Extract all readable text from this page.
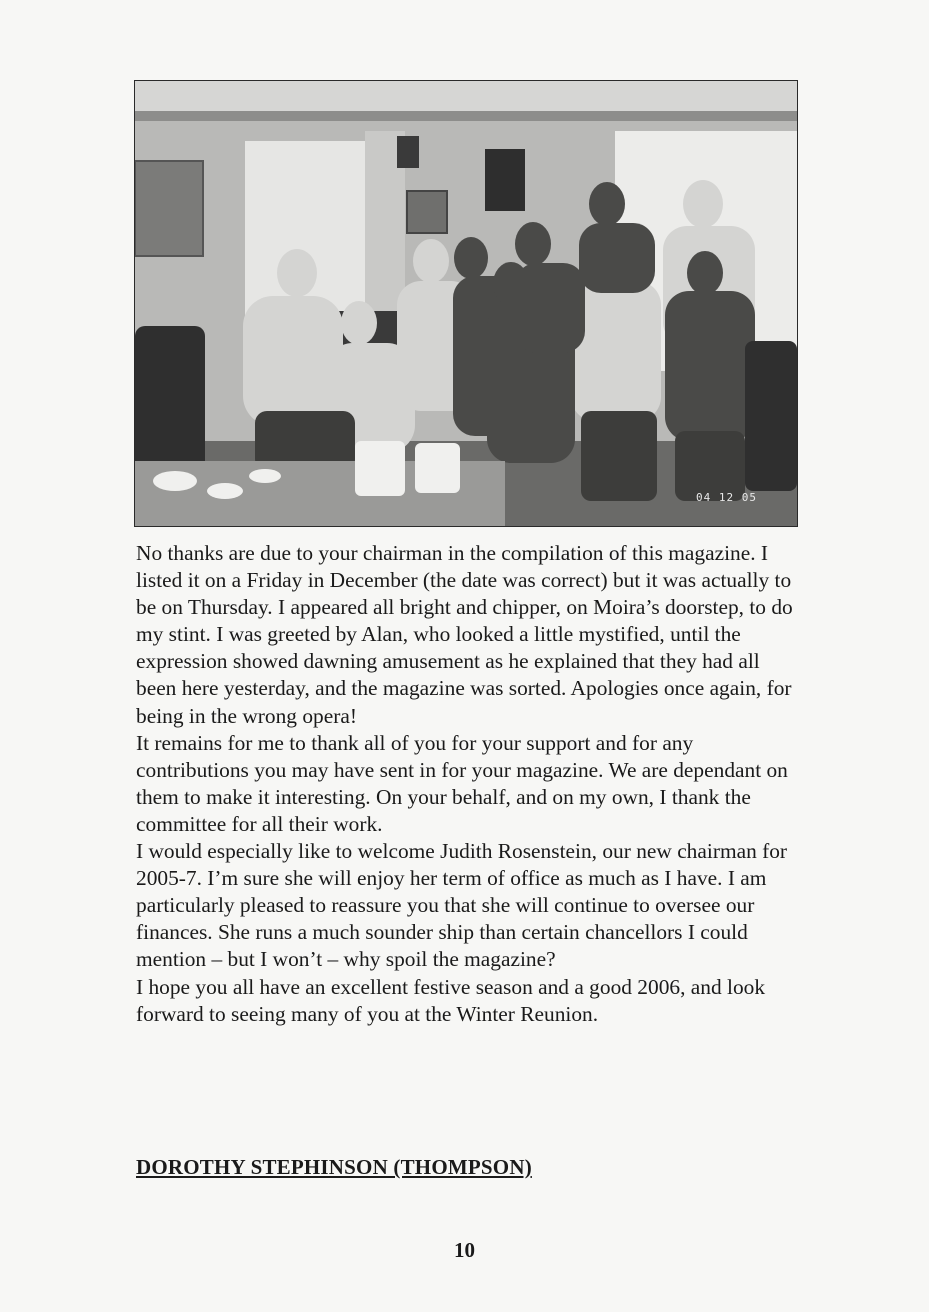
04 12 05

No thanks are due to your chairman in the compilation of this magazine. I listed it on a Friday in December (the date was correct) but it was actually to be on Thursday. I appeared all bright and chipper, on Moira’s doorstep, to do my stint. I was greeted by Alan, who looked a little mystified, until the expression showed dawning amusement as he explained that they had all been here yesterday, and the magazine was sorted. Apologies once again, for being in the wrong opera!

It remains for me to thank all of you for your support and for any contributions you may have sent in for your magazine. We are dependant on them to make it interesting. On your behalf, and on my own, I thank the committee for all their work.

I would especially like to welcome Judith Rosenstein, our new chairman for 2005-7. I’m sure she will enjoy her term of office as much as I have. I am particularly pleased to reassure you that she will continue to oversee our finances. She runs a much sounder ship than certain chancellors I could mention – but I won’t – why spoil the magazine?

I hope you all have an excellent festive season and a good 2006, and look forward to seeing many of you at the Winter Reunion.

DOROTHY STEPHINSON (THOMPSON)
10
